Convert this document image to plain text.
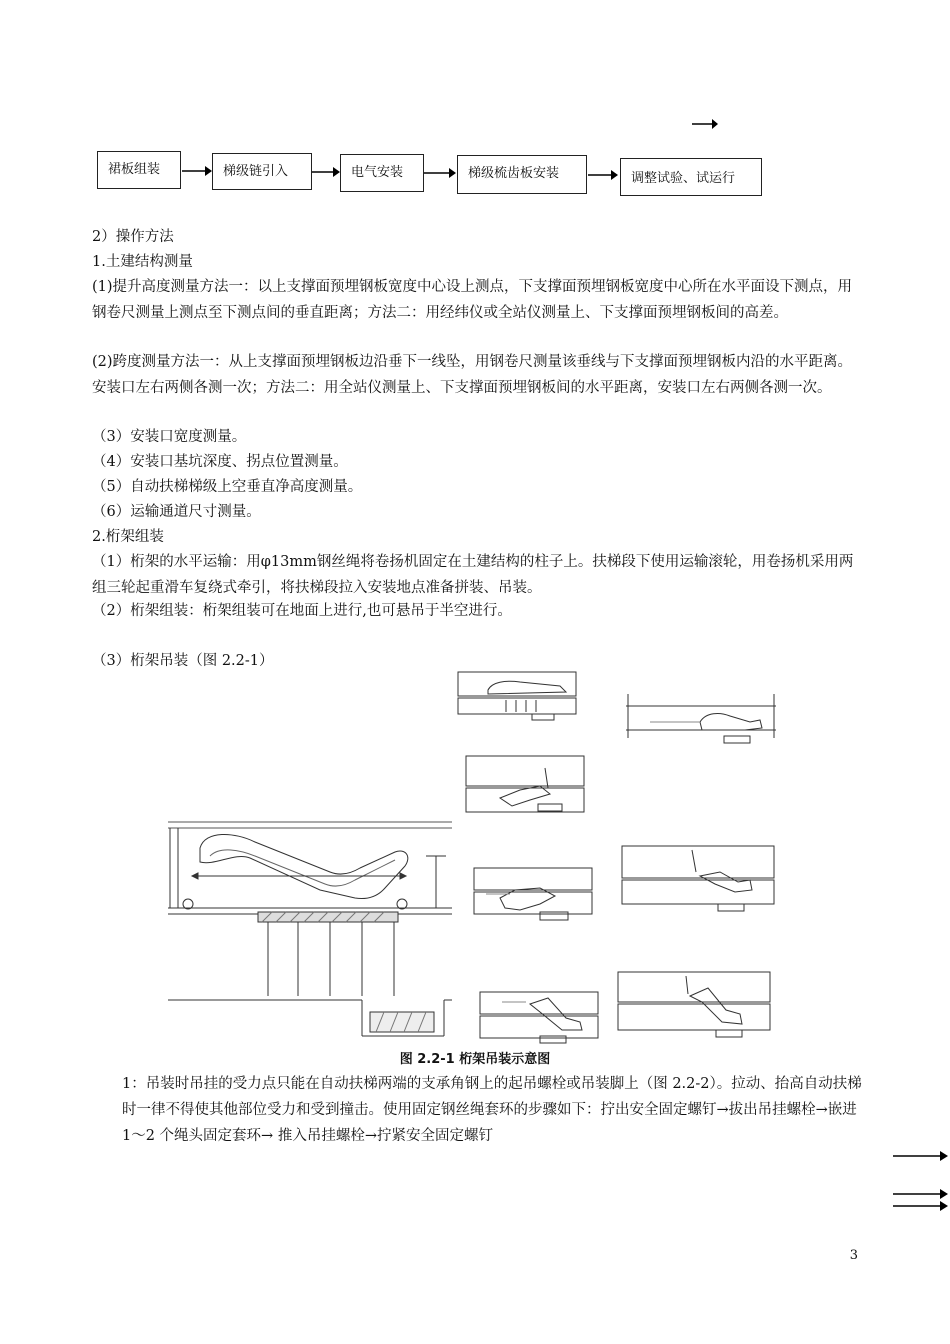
裙板组装	梯级链引入	电气安装	梯级梳齿板安装	调整试验、试运行
2）操作方法
1.土建结构测量
(1)提升高度测量方法一：以上支撑面预埋钢板宽度中心设上测点，下支撑面预埋钢板宽度中心所在水平面设下测点，用钢卷尺测量上测点至下测点间的垂直距离；方法二：用经纬仪或全站仪测量上、下支撑面预埋钢板间的高差。
(2)跨度测量方法一：从上支撑面预埋钢板边沿垂下一线坠，用钢卷尺测量该垂线与下支撑面预埋钢板内沿的水平距离。安装口左右两侧各测一次；方法二：用全站仪测量上、下支撑面预埋钢板间的水平距离，安装口左右两侧各测一次。
（3）安装口宽度测量。
（4）安装口基坑深度、拐点位置测量。
（5）自动扶梯梯级上空垂直净高度测量。
（6）运输通道尺寸测量。
2.桁架组装
（1）桁架的水平运输：用φ13mm钢丝绳将卷扬机固定在土建结构的柱子上。扶梯段下使用运输滚轮，用卷扬机采用两组三轮起重滑车复绕式牵引，将扶梯段拉入安装地点准备拼装、吊装。
（2）桁架组装：桁架组装可在地面上进行,也可悬吊于半空进行。
（3）桁架吊装（图 2.2-1）
图 2.2-1 桁架吊装示意图
1：吊装时吊挂的受力点只能在自动扶梯两端的支承角钢上的起吊螺栓或吊装脚上（图 2.2-2）。拉动、抬高自动扶梯时一律不得使其他部位受力和受到撞击。使用固定钢丝绳套环的步骤如下：拧出安全固定螺钉→拔出吊挂螺栓→嵌进 1～2 个绳头固定套环→ 推入吊挂螺栓→拧紧安全固定螺钉
3
